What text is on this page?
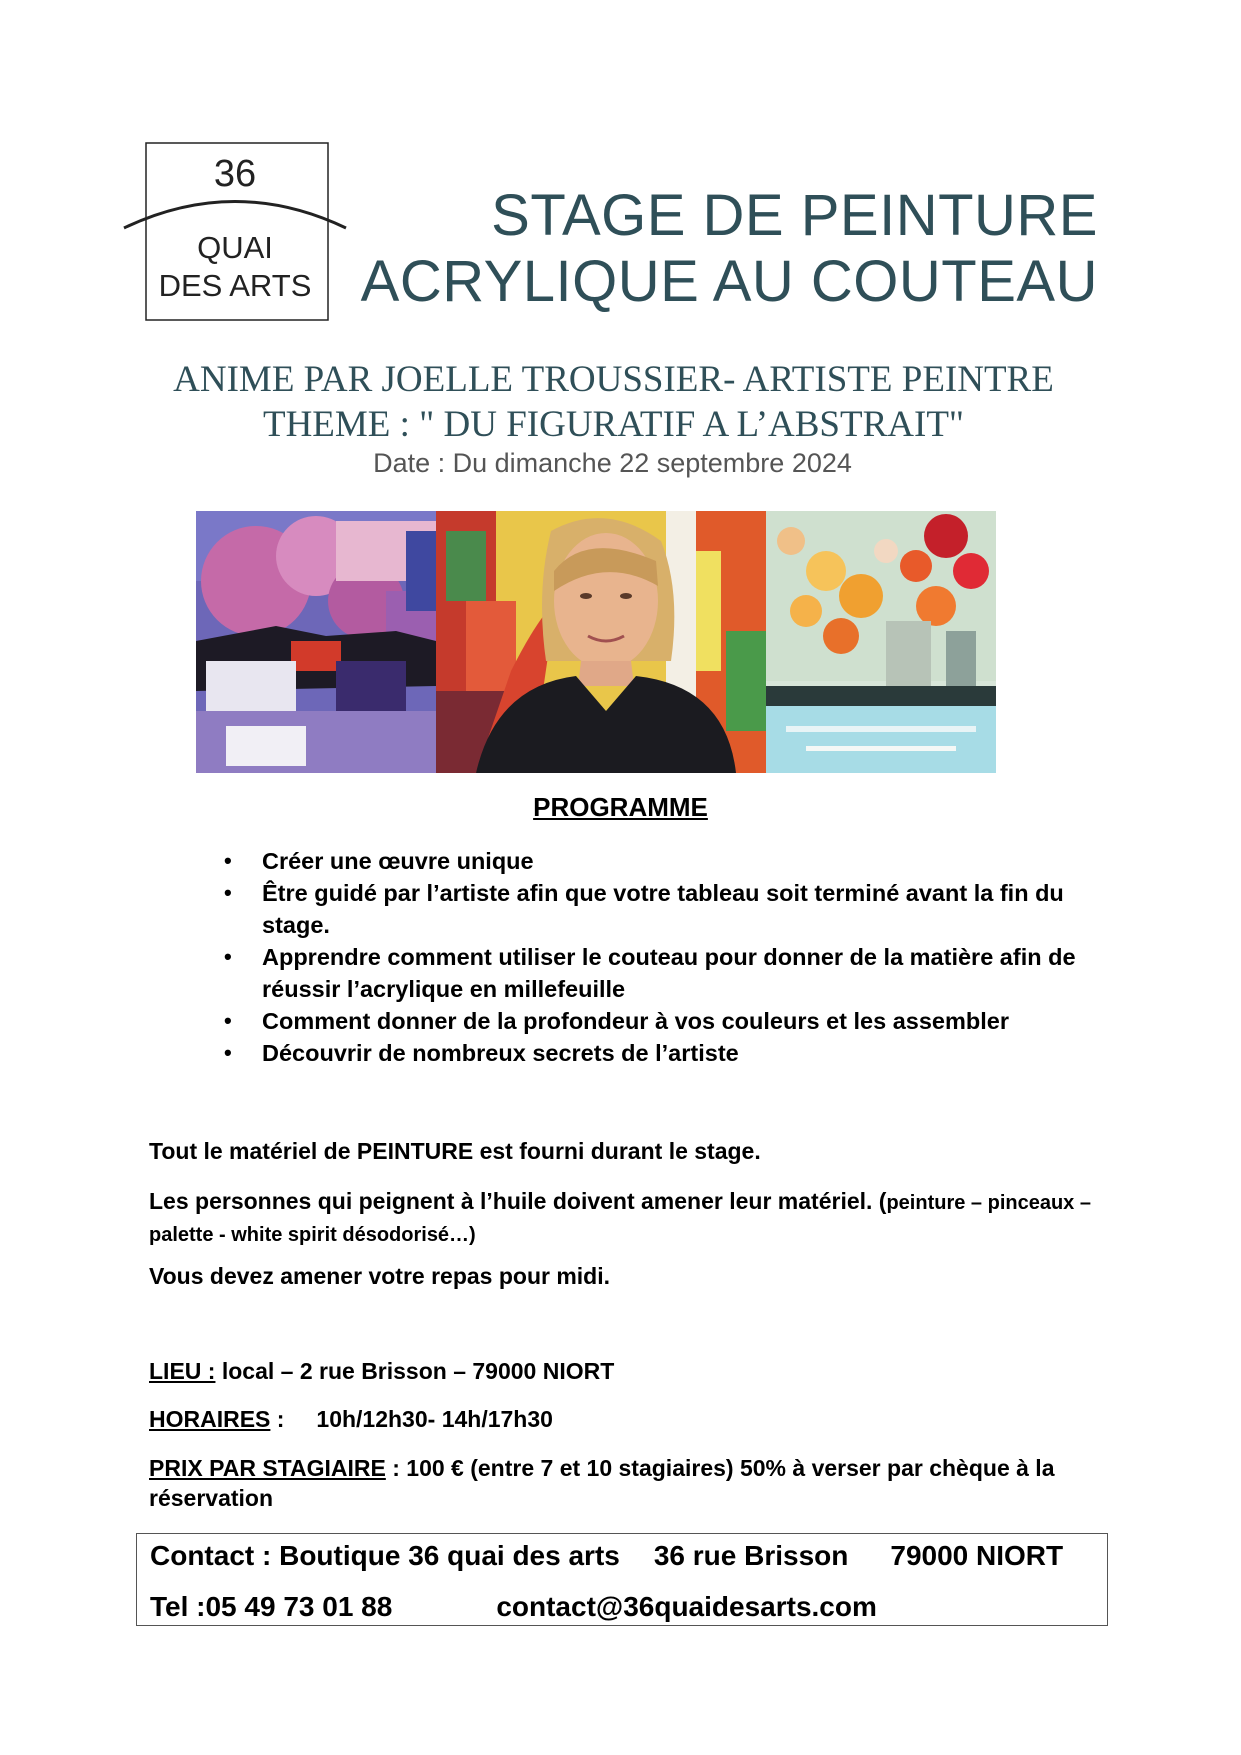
36
QUAI
DES ARTS
STAGE DE PEINTURE
ACRYLIQUE AU COUTEAU
ANIME PAR JOELLE TROUSSIER- ARTISTE PEINTRE
THEME : " DU FIGURATIF A L’ABSTRAIT"
Date : Du dimanche 22 septembre 2024
PROGRAMME
• Créer une œuvre unique
• Être guidé par l’artiste afin que votre tableau soit terminé avant la fin du stage.
• Apprendre comment utiliser le couteau pour donner de la matière afin de réussir l’acrylique en millefeuille
• Comment donner de la profondeur à vos couleurs et les assembler
• Découvrir de nombreux secrets de l’artiste
Tout le matériel de PEINTURE est fourni durant le stage.
Les personnes qui peignent à l’huile doivent amener leur matériel. (peinture – pinceaux – palette - white spirit désodorisé…)
Vous devez amener votre repas pour midi.
LIEU : local – 2 rue Brisson – 79000 NIORT
HORAIRES :     10h/12h30- 14h/17h30
PRIX PAR STAGIAIRE : 100 € (entre 7 et 10 stagiaires) 50% à verser par chèque à la réservation
Contact : Boutique 36 quai des arts 36 rue Brisson 79000 NIORT
Tel :05 49 73 01 88	contact@36quaidesarts.com
